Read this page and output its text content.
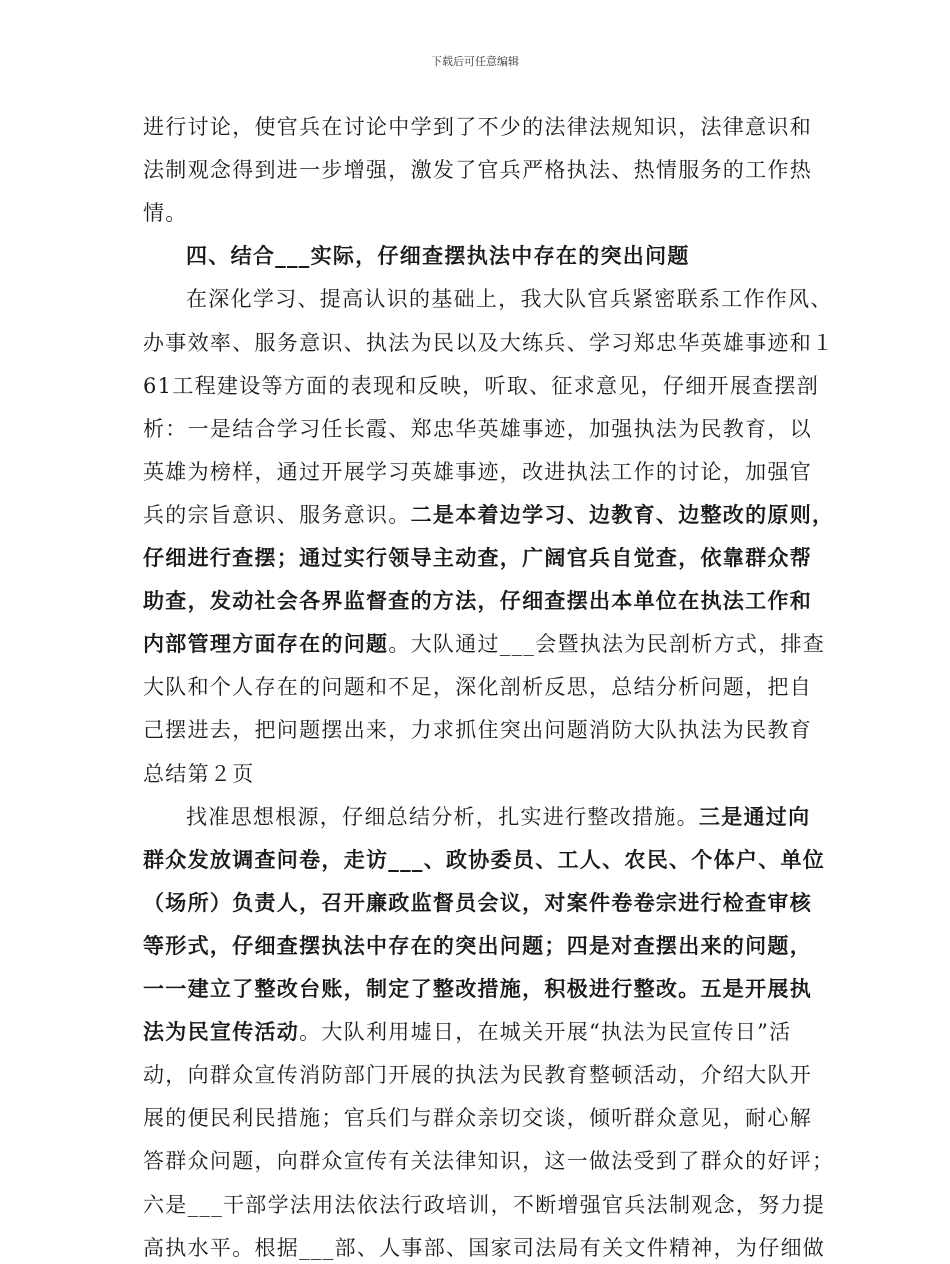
下载后可任意编辑
进行讨论，使官兵在讨论中学到了不少的法律法规知识，法律意识和
法制观念得到进一步增强，激发了官兵严格执法、热情服务的工作热
情。
四、结合___实际，仔细查摆执法中存在的突出问题
在深化学习、提高认识的基础上，我大队官兵紧密联系工作作风、
办事效率、服务意识、执法为民以及大练兵、学习郑忠华英雄事迹和１
61工程建设等方面的表现和反映，听取、征求意见，仔细开展查摆剖
析：一是结合学习任长霞、郑忠华英雄事迹，加强执法为民教育，以
英雄为榜样，通过开展学习英雄事迹，改进执法工作的讨论，加强官
兵的宗旨意识、服务意识。二是本着边学习、边教育、边整改的原则，
仔细进行查摆；通过实行领导主动查，广阔官兵自觉查，依靠群众帮
助查，发动社会各界监督查的方法，仔细查摆出本单位在执法工作和
内部管理方面存在的问题。大队通过___会暨执法为民剖析方式，排查
大队和个人存在的问题和不足，深化剖析反思，总结分析问题，把自
己摆进去，把问题摆出来，力求抓住突出问题消防大队执法为民教育
总结第２页
找准思想根源，仔细总结分析，扎实进行整改措施。三是通过向
群众发放调查问卷，走访___、政协委员、工人、农民、个体户、单位
（场所）负责人，召开廉政监督员会议，对案件卷卷宗进行检查审核
等形式，仔细查摆执法中存在的突出问题；四是对查摆出来的问题，
一一建立了整改台账，制定了整改措施，积极进行整改。五是开展执
法为民宣传活动。大队利用墟日，在城关开展“执法为民宣传日”活
动，向群众宣传消防部门开展的执法为民教育整顿活动，介绍大队开
展的便民利民措施；官兵们与群众亲切交谈，倾听群众意见，耐心解
答群众问题，向群众宣传有关法律知识，这一做法受到了群众的好评；
六是___干部学法用法依法行政培训，不断增强官兵法制观念，努力提
高执水平。根据___部、人事部、国家司法局有关文件精神，为仔细做
